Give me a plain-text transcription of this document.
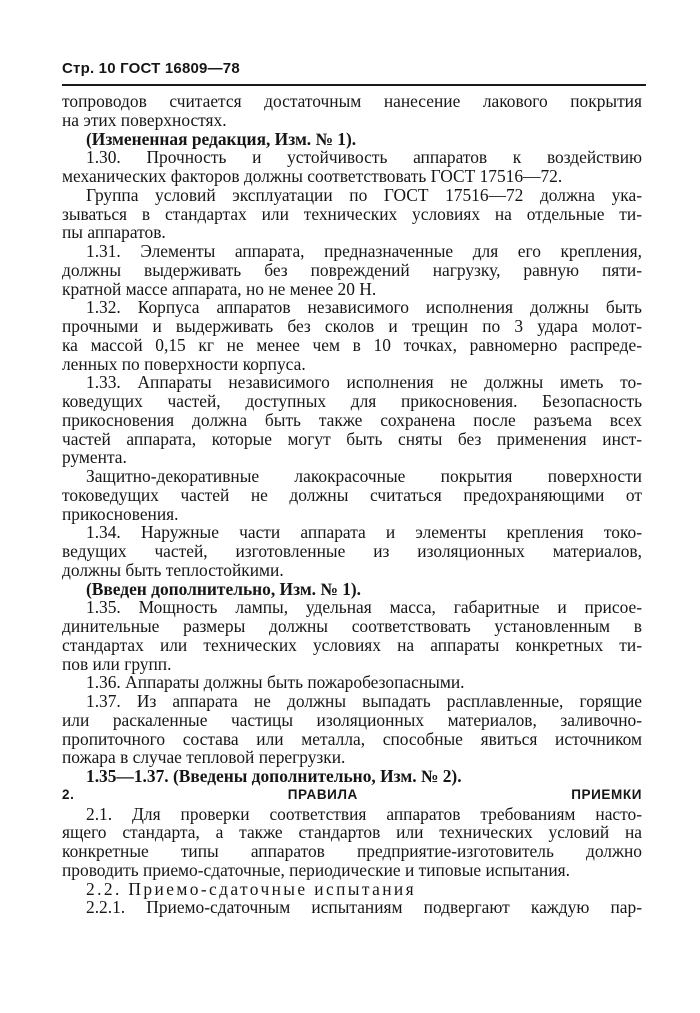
Стр. 10 ГОСТ 16809—78

топроводов считается достаточным нанесение лакового покрытия

на этих поверхностях.

(Измененная редакция, Изм. № 1).

1.30. Прочность и устойчивость аппаратов к воздействию

механических факторов должны соответствовать ГОСТ 17516—72.

Группа условий эксплуатации по ГОСТ 17516—72 должна ука-

зываться в стандартах или технических условиях на отдельные ти-

пы аппаратов.

1.31. Элементы аппарата, предназначенные для его крепления,

должны выдерживать без повреждений нагрузку, равную пяти-

кратной массе аппарата, но не менее 20 Н.

1.32. Корпуса аппаратов независимого исполнения должны быть

прочными и выдерживать без сколов и трещин по 3 удара молот-

ка массой 0,15 кг не менее чем в 10 точках, равномерно распреде-

ленных по поверхности корпуса.

1.33. Аппараты независимого исполнения не должны иметь то-

коведущих частей, доступных для прикосновения. Безопасность

прикосновения должна быть также сохранена после разъема всех

частей аппарата, которые могут быть сняты без применения инст-

румента.

Защитно-декоративные лакокрасочные покрытия поверхности

токоведущих частей не должны считаться предохраняющими от

прикосновения.

1.34. Наружные части аппарата и элементы крепления токо-

ведущих частей, изготовленные из изоляционных материалов,

должны быть теплостойкими.

(Введен дополнительно, Изм. № 1).

1.35. Мощность лампы, удельная масса, габаритные и присое-

динительные размеры должны соответствовать установленным в

стандартах или технических условиях на аппараты конкретных ти-

пов или групп.

1.36. Аппараты должны быть пожаробезопасными.

1.37. Из аппарата не должны выпадать расплавленные, горящие

или раскаленные частицы изоляционных материалов, заливочно-

пропиточного состава или металла, способные явиться источником

пожара в случае тепловой перегрузки.

1.35—1.37. (Введены дополнительно, Изм. № 2).

2. ПРАВИЛА ПРИЕМКИ

2.1. Для проверки соответствия аппаратов требованиям насто-

ящего стандарта, а также стандартов или технических условий на

конкретные типы аппаратов предприятие-изготовитель должно

проводить приемо-сдаточные, периодические и типовые испытания.

2.2. Приемо-сдаточные испытания

2.2.1. Приемо-сдаточным испытаниям подвергают каждую пар-
